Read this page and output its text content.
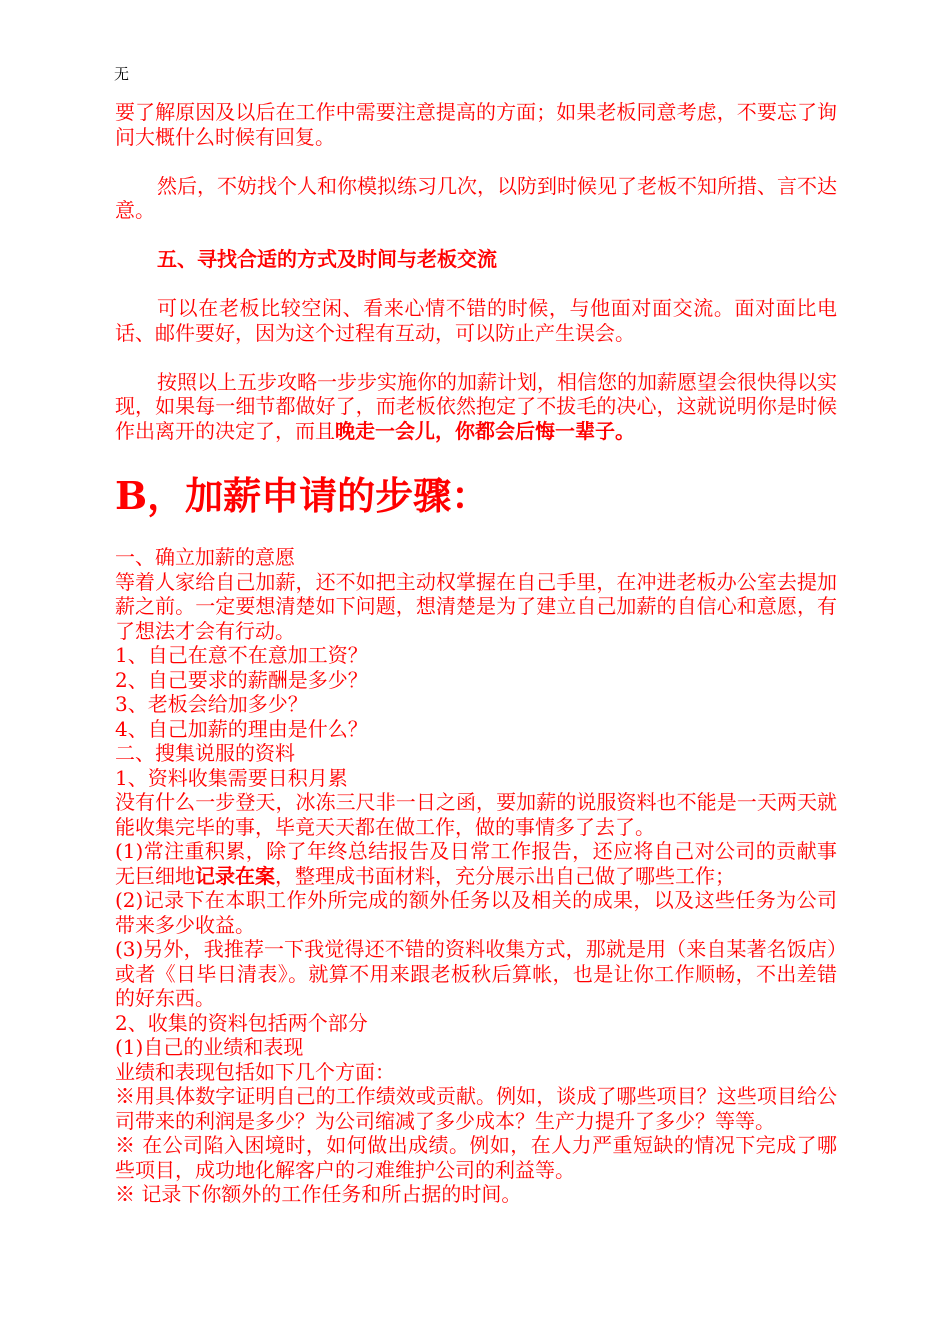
无

要了解原因及以后在工作中需要注意提高的方面；如果老板同意考虑，不要忘了询问大概什么时候有回复。

然后，不妨找个人和你模拟练习几次，以防到时候见了老板不知所措、言不达意。

五、寻找合适的方式及时间与老板交流

可以在老板比较空闲、看来心情不错的时候，与他面对面交流。面对面比电话、邮件要好，因为这个过程有互动，可以防止产生误会。

按照以上五步攻略一步步实施你的加薪计划，相信您的加薪愿望会很快得以实现，如果每一细节都做好了，而老板依然抱定了不拔毛的决心，这就说明你是时候作出离开的决定了，而且晚走一会儿，你都会后悔一辈子。

B，加薪申请的步骤：

一、确立加薪的意愿

等着人家给自己加薪，还不如把主动权掌握在自己手里，在冲进老板办公室去提加薪之前。一定要想清楚如下问题，想清楚是为了建立自己加薪的自信心和意愿，有了想法才会有行动。

1、自己在意不在意加工资？

2、自己要求的薪酬是多少？

3、老板会给加多少？

4、自己加薪的理由是什么？

二、搜集说服的资料

1、资料收集需要日积月累

没有什么一步登天，冰冻三尺非一日之函，要加薪的说服资料也不能是一天两天就能收集完毕的事，毕竟天天都在做工作，做的事情多了去了。

(1)常注重积累，除了年终总结报告及日常工作报告，还应将自己对公司的贡献事无巨细地记录在案，整理成书面材料，充分展示出自己做了哪些工作；

(2)记录下在本职工作外所完成的额外任务以及相关的成果，以及这些任务为公司带来多少收益。

(3)另外，我推荐一下我觉得还不错的资料收集方式，那就是用（来自某著名饭店）或者《日毕日清表》。就算不用来跟老板秋后算帐，也是让你工作顺畅，不出差错的好东西。

2、收集的资料包括两个部分

(1)自己的业绩和表现

业绩和表现包括如下几个方面：

※用具体数字证明自己的工作绩效或贡献。例如，谈成了哪些项目？这些项目给公司带来的利润是多少？为公司缩减了多少成本？生产力提升了多少？等等。

※ 在公司陷入困境时，如何做出成绩。例如，在人力严重短缺的情况下完成了哪些项目，成功地化解客户的刁难维护公司的利益等。

※ 记录下你额外的工作任务和所占据的时间。
